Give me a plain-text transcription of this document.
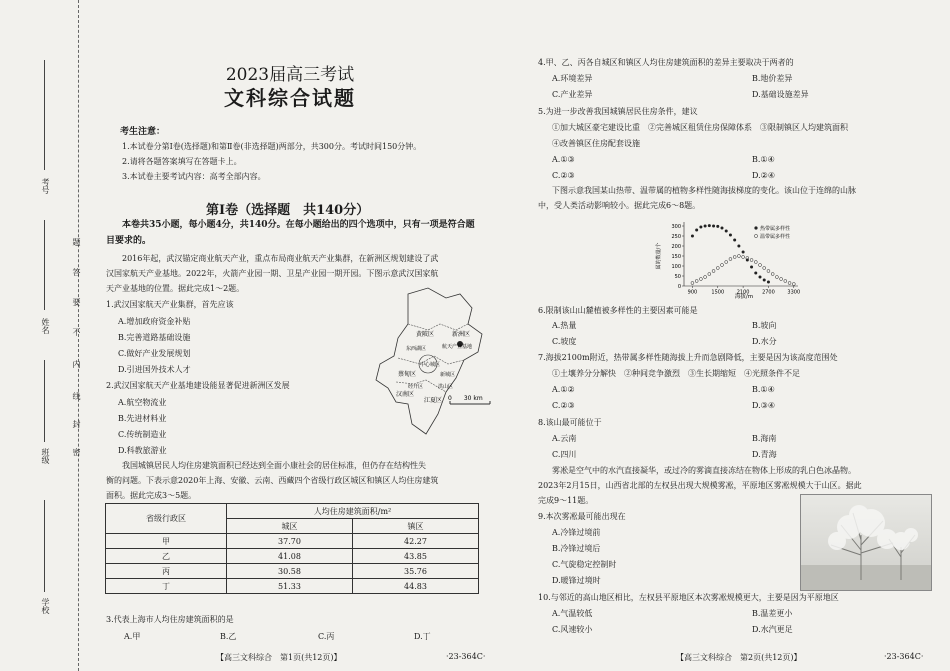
考号
姓名
班级
学校
密
封
线
内
不
要
答
题
2023届高三考试
文科综合试题
考生注意：
1.本试卷分第Ⅰ卷(选择题)和第Ⅱ卷(非选择题)两部分，共300分。考试时间150分钟。
2.请将各题答案填写在答题卡上。
3.本试卷主要考试内容：高考全部内容。
第Ⅰ卷（选择题　共140分）
本卷共35小题，每小题4分，共140分。在每小题给出的四个选项中，只有一项是符合题
目要求的。
2016年起，武汉锚定商业航天产业，重点布局商业航天产业集群，在新洲区规划建设了武
汉国家航天产业基地。2022年，火箭产业园一期、卫星产业园一期开园。下图示意武汉国家航
天产业基地的位置。据此完成1～2题。
1.武汉国家航天产业集群，首先应该
A.增加政府资金补贴
B.完善道路基础设施
C.做好产业发展规划
D.引进国外技术人才
2.武汉国家航天产业基地建设能显著促进新洲区发展
A.航空物流业
B.先进材料业
C.传统制造业
D.科教旅游业
黄陂区	新洲区
东西湖区
中心城区
蔡甸区
汉南区
江夏区
新城区
航天产业基地
经开区	洪山区
0　　30 km
我国城镇居民人均住房建筑面积已经达到全面小康社会的居住标准，但仍存在结构性失
衡的问题。下表示意2020年上海、安徽、云南、西藏四个省级行政区城区和镇区人均住房建筑
面积。据此完成3～5题。
省级行政区	人均住房建筑面积/m²	
	城区	镇区
甲	37.70	42.27
乙	41.08	43.85
丙	30.58	35.76
丁	51.33	44.83
3.代表上海市人均住房建筑面积的是
A.甲	B.乙	C.丙	D.丁
【高三文科综合　第1页(共12页)】	·23-364C·
4.甲、乙、丙各自城区和镇区人均住房建筑面积的差异主要取决于两者的
A.环境差异	B.地价差异
C.产业差异	D.基础设施差异
5.为进一步改善我国城镇居民住房条件，建议
①加大城区豪宅建设比重　②完善城区租赁住房保障体系　③限制镇区人均建筑面积
④改善镇区住房配套设施
A.①③	B.①④
C.②③	D.②④
下图示意我国某山热带、温带属的植物多样性随海拔梯度的变化。该山位于连绵的山脉
中，受人类活动影响较小。据此完成6～8题。
属的数量/个
0
50
100
150
200
250
300
900	1500	2100	2700	3300
海拔/m
热带属多样性
温带属多样性
6.限制该山山麓植被多样性的主要因素可能是
A.热量	B.坡向
C.坡度	D.水分
7.海拔2100m附近，热带属多样性随海拔上升而急剧降低，主要是因为该高度范围处
①土壤养分分解快　②种间竞争激烈　③生长期缩短　④光照条件不足
A.①②	B.①④
C.②③	D.③④
8.该山最可能位于
A.云南	B.海南
C.四川	D.青海
雾凇是空气中的水汽直接凝华，或过冷的雾滴直接冻结在物体上形成的乳白色冰晶物。
2023年2月15日，山西省北部的左权县出现大规模雾凇，平原地区雾凇规模大于山区。据此
完成9～11题。
9.本次雾凇最可能出现在
A.冷锋过境前
B.冷锋过境后
C.气旋稳定控制时
D.暖锋过境时
10.与邻近的高山地区相比，左权县平原地区本次雾凇规模更大，主要是因为平原地区
A.气温较低	B.温差更小
C.风速较小	D.水汽更足
【高三文科综合　第2页(共12页)】	·23-364C·
